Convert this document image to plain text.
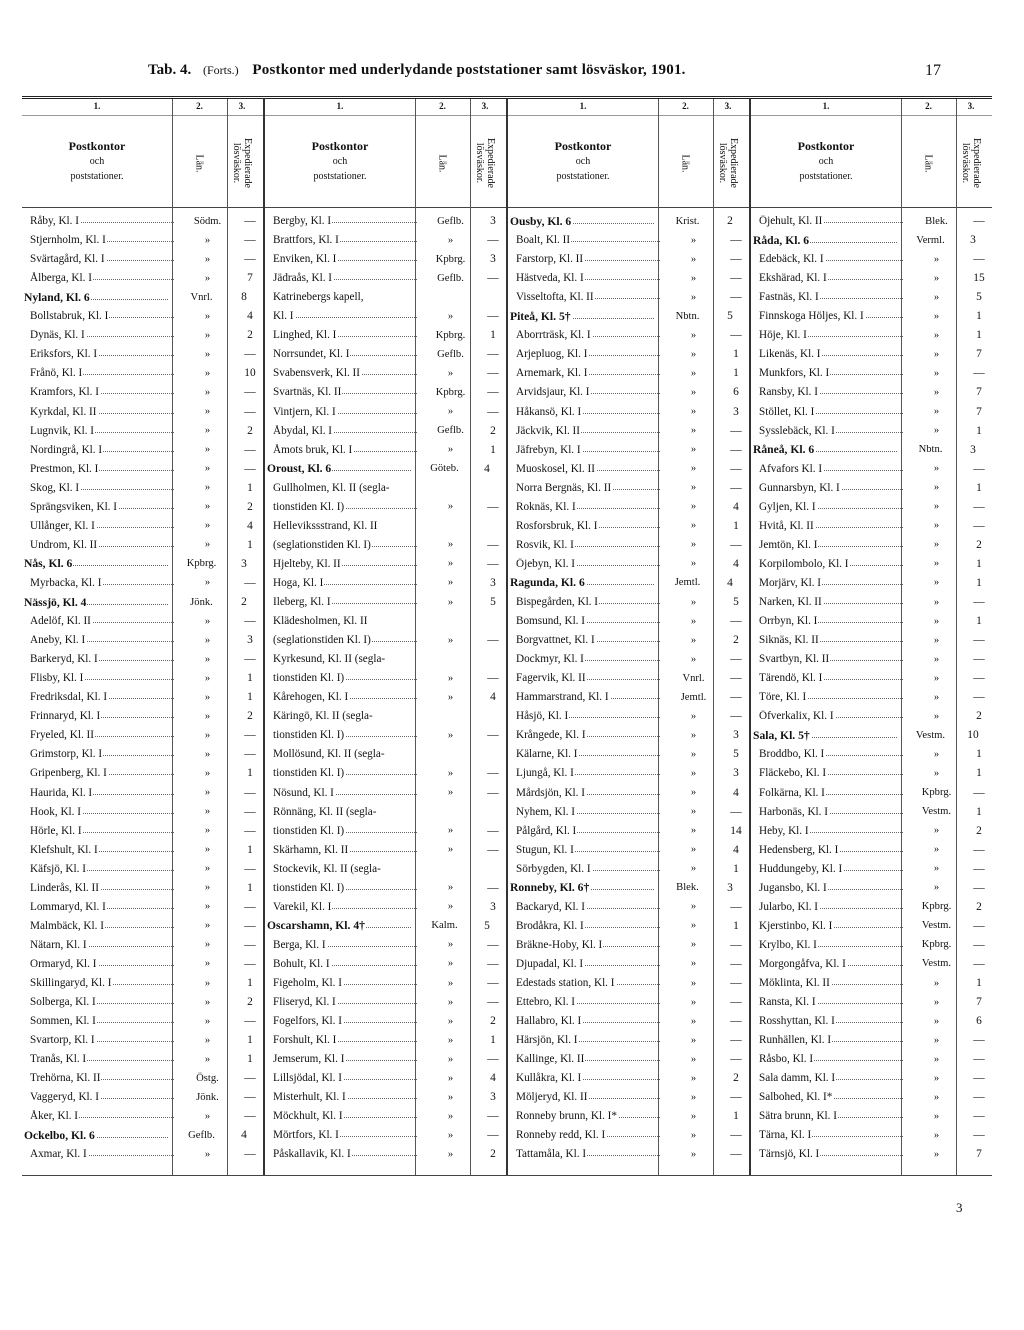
Tab. 4. (Forts.) Postkontor med underlydande poststationer samt lösväskor, 1901.	17
1.	2.	3.
Postkontor
och
poststationer.
Län.	Expedierade
lösväskor.
Råby, Kl. I	Södm.	—
Stjernholm, Kl. I	»	—
Svärtagård, Kl. I	»	—
Ålberga, Kl. I	»	7
Nyland, Kl. 6	Vnrl.	8
Bollstabruk, Kl. I	»	4
Dynäs, Kl. I	»	2
Eriksfors, Kl. I	»	—
Frånö, Kl. I	»	10
Kramfors, Kl. I	»	—
Kyrkdal, Kl. II	»	—
Lugnvik, Kl. I	»	2
Nordingrå, Kl. I	»	—
Prestmon, Kl. I	»	—
Skog, Kl. I	»	1
Sprängsviken, Kl. I	»	2
Ullånger, Kl. I	»	4
Undrom, Kl. II	»	1
Nås, Kl. 6	Kpbrg.	3
Myrbacka, Kl. I	»	—
Nässjö, Kl. 4	Jönk.	2
Adelöf, Kl. II	»	—
Aneby, Kl. I	»	3
Barkeryd, Kl. I	»	—
Flisby, Kl. I	»	1
Fredriksdal, Kl. I	»	1
Frinnaryd, Kl. I	»	2
Fryeled, Kl. II	»	—
Grimstorp, Kl. I	»	—
Gripenberg, Kl. I	»	1
Haurida, Kl. I	»	—
Hook, Kl. I	»	—
Hörle, Kl. I	»	—
Klefshult, Kl. I	»	1
Käfsjö, Kl. I	»	—
Linderås, Kl. II	»	1
Lommaryd, Kl. I	»	—
Malmbäck, Kl. I	»	—
Nätarn, Kl. I	»	—
Ormaryd, Kl. I	»	—
Skillingaryd, Kl. I	»	1
Solberga, Kl. I	»	2
Sommen, Kl. I	»	—
Svartorp, Kl. I	»	1
Tranås, Kl. I	»	1
Trehörna, Kl. II	Östg.	—
Vaggeryd, Kl. I	Jönk.	—
Åker, Kl. I	»	—
Ockelbo, Kl. 6	Geflb.	4
Axmar, Kl. I	»	—
1.	2.	3.
Postkontor
och
poststationer.
Län.	Expedierade
lösväskor.
Bergby, Kl. I	Geflb.	3
Brattfors, Kl. I	»	—
Enviken, Kl. I	Kpbrg.	3
Jädraås, Kl. I	Geflb.	—
Katrinebergs kapell,
Kl. I	»	—
Linghed, Kl. I	Kpbrg.	1
Norrsundet, Kl. I	Geflb.	—
Svabensverk, Kl. II	»	—
Svartnäs, Kl. II	Kpbrg.	—
Vintjern, Kl. I	»	—
Åbydal, Kl. I	Geflb.	2
Åmots bruk, Kl. I	»	1
Oroust, Kl. 6	Göteb.	4
Gullholmen, Kl. II (segla-
tionstiden Kl. I)	»	—
Hellevikssstrand, Kl. II
(seglationstiden Kl. I)	»	—
Hjelteby, Kl. II	»	—
Hoga, Kl. I	»	3
Ileberg, Kl. I	»	5
Klädesholmen, Kl. II
(seglationstiden Kl. I)	»	—
Kyrkesund, Kl. II (segla-
tionstiden Kl. I)	»	—
Kårehogen, Kl. I	»	4
Käringö, Kl. II (segla-
tionstiden Kl. I)	»	—
Mollösund, Kl. II (segla-
tionstiden Kl. I)	»	—
Nösund, Kl. I	»	—
Rönnäng, Kl. II (segla-
tionstiden Kl. I)	»	—
Skärhamn, Kl. II	»	—
Stockevik, Kl. II (segla-
tionstiden Kl. I)	»	—
Varekil, Kl. I	»	3
Oscarshamn, Kl. 4†	Kalm.	5
Berga, Kl. I	»	—
Bohult, Kl. I	»	—
Figeholm, Kl. I	»	—
Fliseryd, Kl. I	»	—
Fogelfors, Kl. I	»	2
Forshult, Kl. I	»	1
Jemserum, Kl. I	»	—
Lillsjödal, Kl. I	»	4
Misterhult, Kl. I	»	3
Möckhult, Kl. I	»	—
Mörtfors, Kl. I	»	—
Påskallavik, Kl. I	»	2
1.	2.	3.
Postkontor
och
poststationer.
Län.	Expedierade
lösväskor.
Ousby, Kl. 6	Krist.	2
Boalt, Kl. II	»	—
Farstorp, Kl. II	»	—
Hästveda, Kl. I	»	—
Visseltofta, Kl. II	»	—
Piteå, Kl. 5†	Nbtn.	5
Aborrträsk, Kl. I	»	—
Arjepluog, Kl. I	»	1
Arnemark, Kl. I	»	1
Arvidsjaur, Kl. I	»	6
Håkansö, Kl. I	»	3
Jäckvik, Kl. II	»	—
Jäfrebyn, Kl. I	»	—
Muoskosel, Kl. II	»	—
Norra Bergnäs, Kl. II	»	—
Roknäs, Kl. I	»	4
Rosforsbruk, Kl. I	»	1
Rosvik, Kl. I	»	—
Öjebyn, Kl. I	»	4
Ragunda, Kl. 6	Jemtl.	4
Bispegården, Kl. I	»	5
Bomsund, Kl. I	»	—
Borgvattnet, Kl. I	»	2
Dockmyr, Kl. I	»	—
Fagervik, Kl. II	Vnrl.	—
Hammarstrand, Kl. I	Jemtl.	—
Håsjö, Kl. I	»	—
Krångede, Kl. I	»	3
Kälarne, Kl. I	»	5
Ljungå, Kl. I	»	3
Mårdsjön, Kl. I	»	4
Nyhem, Kl. I	»	—
Pålgård, Kl. I	»	14
Stugun, Kl. I	»	4
Sörbygden, Kl. I	»	1
Ronneby, Kl. 6†	Blek.	3
Backaryd, Kl. I	»	—
Brodåkra, Kl. I	»	1
Bräkne-Hoby, Kl. I	»	—
Djupadal, Kl. I	»	—
Edestads station, Kl. I	»	—
Ettebro, Kl. I	»	—
Hallabro, Kl. I	»	—
Härsjön, Kl. I	»	—
Kallinge, Kl. II	»	—
Kullåkra, Kl. I	»	2
Möljeryd, Kl. II	»	—
Ronneby brunn, Kl. I*	»	1
Ronneby redd, Kl. I	»	—
Tattamåla, Kl. I	»	—
1.	2.	3.
Postkontor
och
poststationer.
Län.	Expedierade
lösväskor.
Öjehult, Kl. II	Blek.	—
Råda, Kl. 6	Verml.	3
Edebäck, Kl. I	»	—
Ekshärad, Kl. I	»	15
Fastnäs, Kl. I	»	5
Finnskoga Höljes, Kl. I	»	1
Höje, Kl. I	»	1
Likenäs, Kl. I	»	7
Munkfors, Kl. I	»	—
Ransby, Kl. I	»	7
Stöllet, Kl. I	»	7
Sysslebäck, Kl. I	»	1
Råneå, Kl. 6	Nbtn.	3
Afvafors Kl. I	»	—
Gunnarsbyn, Kl. I	»	1
Gyljen, Kl. I	»	—
Hvitå, Kl. II	»	—
Jemtön, Kl. I	»	2
Korpilombolo, Kl. I	»	1
Morjärv, Kl. I	»	1
Narken, Kl. II	»	—
Orrbyn, Kl. I	»	1
Siknäs, Kl. II	»	—
Svartbyn, Kl. II	»	—
Tärendö, Kl. I	»	—
Töre, Kl. I	»	—
Öfverkalix, Kl. I	»	2
Sala, Kl. 5†	Vestm.	10
Broddbo, Kl. I	»	1
Fläckebo, Kl. I	»	1
Folkärna, Kl. I	Kpbrg.	—
Harbonäs, Kl. I	Vestm.	1
Heby, Kl. I	»	2
Hedensberg, Kl. I	»	—
Huddungeby, Kl. I	»	—
Jugansbo, Kl. I	»	—
Jularbo, Kl. I	Kpbrg.	2
Kjerstinbo, Kl. I	Vestm.	—
Krylbo, Kl. I	Kpbrg.	—
Morgongåfva, Kl. I	Vestm.	—
Möklinta, Kl. II	»	1
Ransta, Kl. I	»	7
Rosshyttan, Kl. I	»	6
Runhällen, Kl. I	»	—
Råsbo, Kl. I	»	—
Sala damm, Kl. I	»	—
Salbohed, Kl. I*	»	—
Sätra brunn, Kl. I	»	—
Tärna, Kl. I	»	—
Tärnsjö, Kl. I	»	7
3
